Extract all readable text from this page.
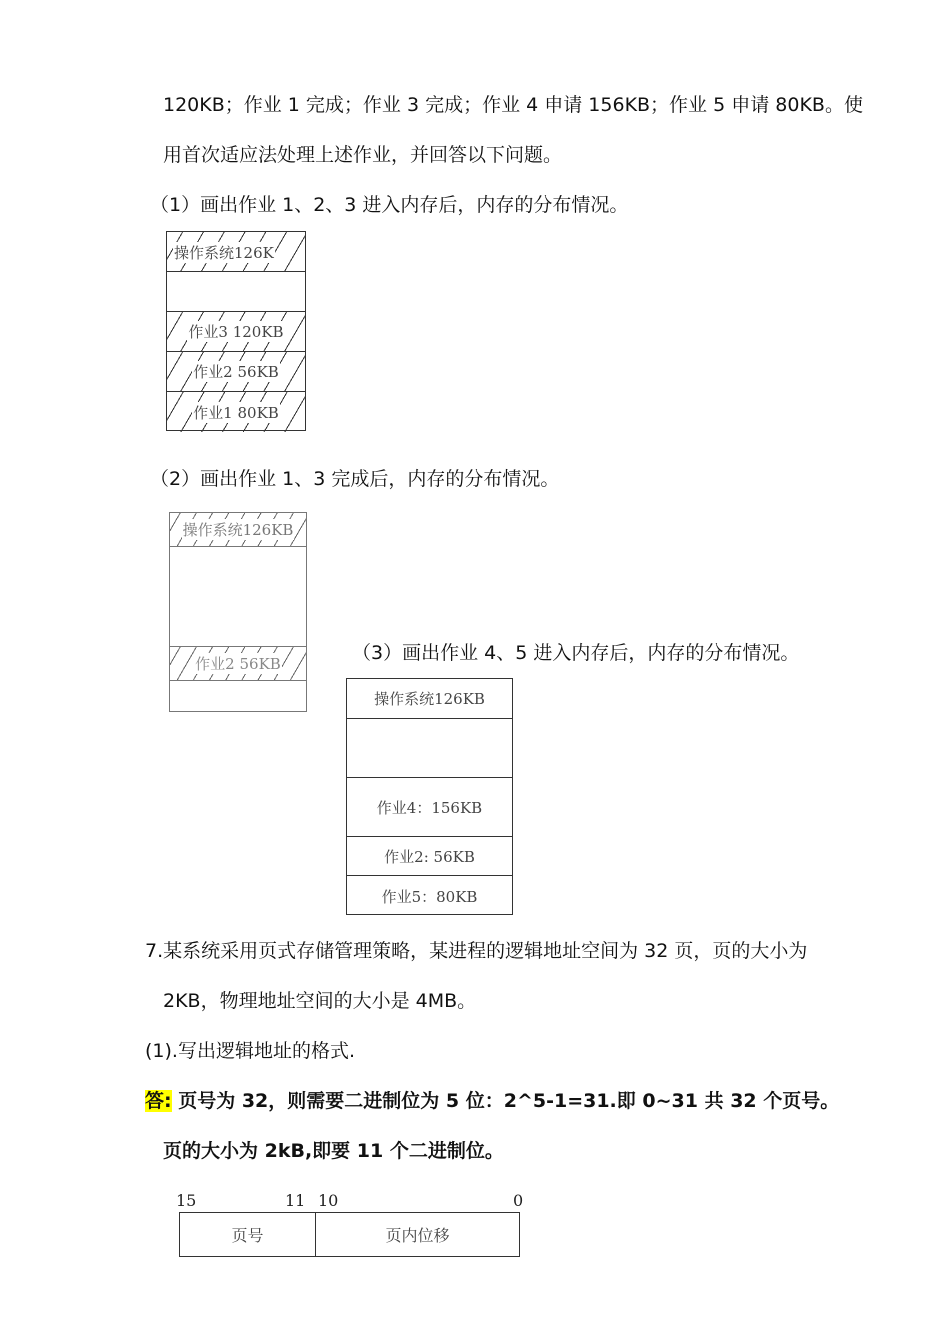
120KB；作业 1 完成；作业 3 完成；作业 4 申请 156KB；作业 5 申请 80KB。使
用首次适应法处理上述作业，并回答以下问题。
（1）画出作业 1、2、3 进入内存后，内存的分布情况。
操作系统126K
作业3 120KB
作业2 56KB
作业1 80KB
（2）画出作业 1、3 完成后，内存的分布情况。
操作系统126KB
作业2 56KB	（3）画出作业 4、5 进入内存后，内存的分布情况。
操作系统126KB
作业4：156KB
作业2: 56KB
作业5：80KB
7.某系统采用页式存储管理策略，某进程的逻辑地址空间为 32 页，页的大小为
2KB，物理地址空间的大小是 4MB。
(1).写出逻辑地址的格式.
答: 页号为 32，则需要二进制位为 5 位：2^5-1=31.即 0~31 共 32 个页号。
页的大小为 2kB,即要 11 个二进制位。
15	11 10	0
页号	页内位移
